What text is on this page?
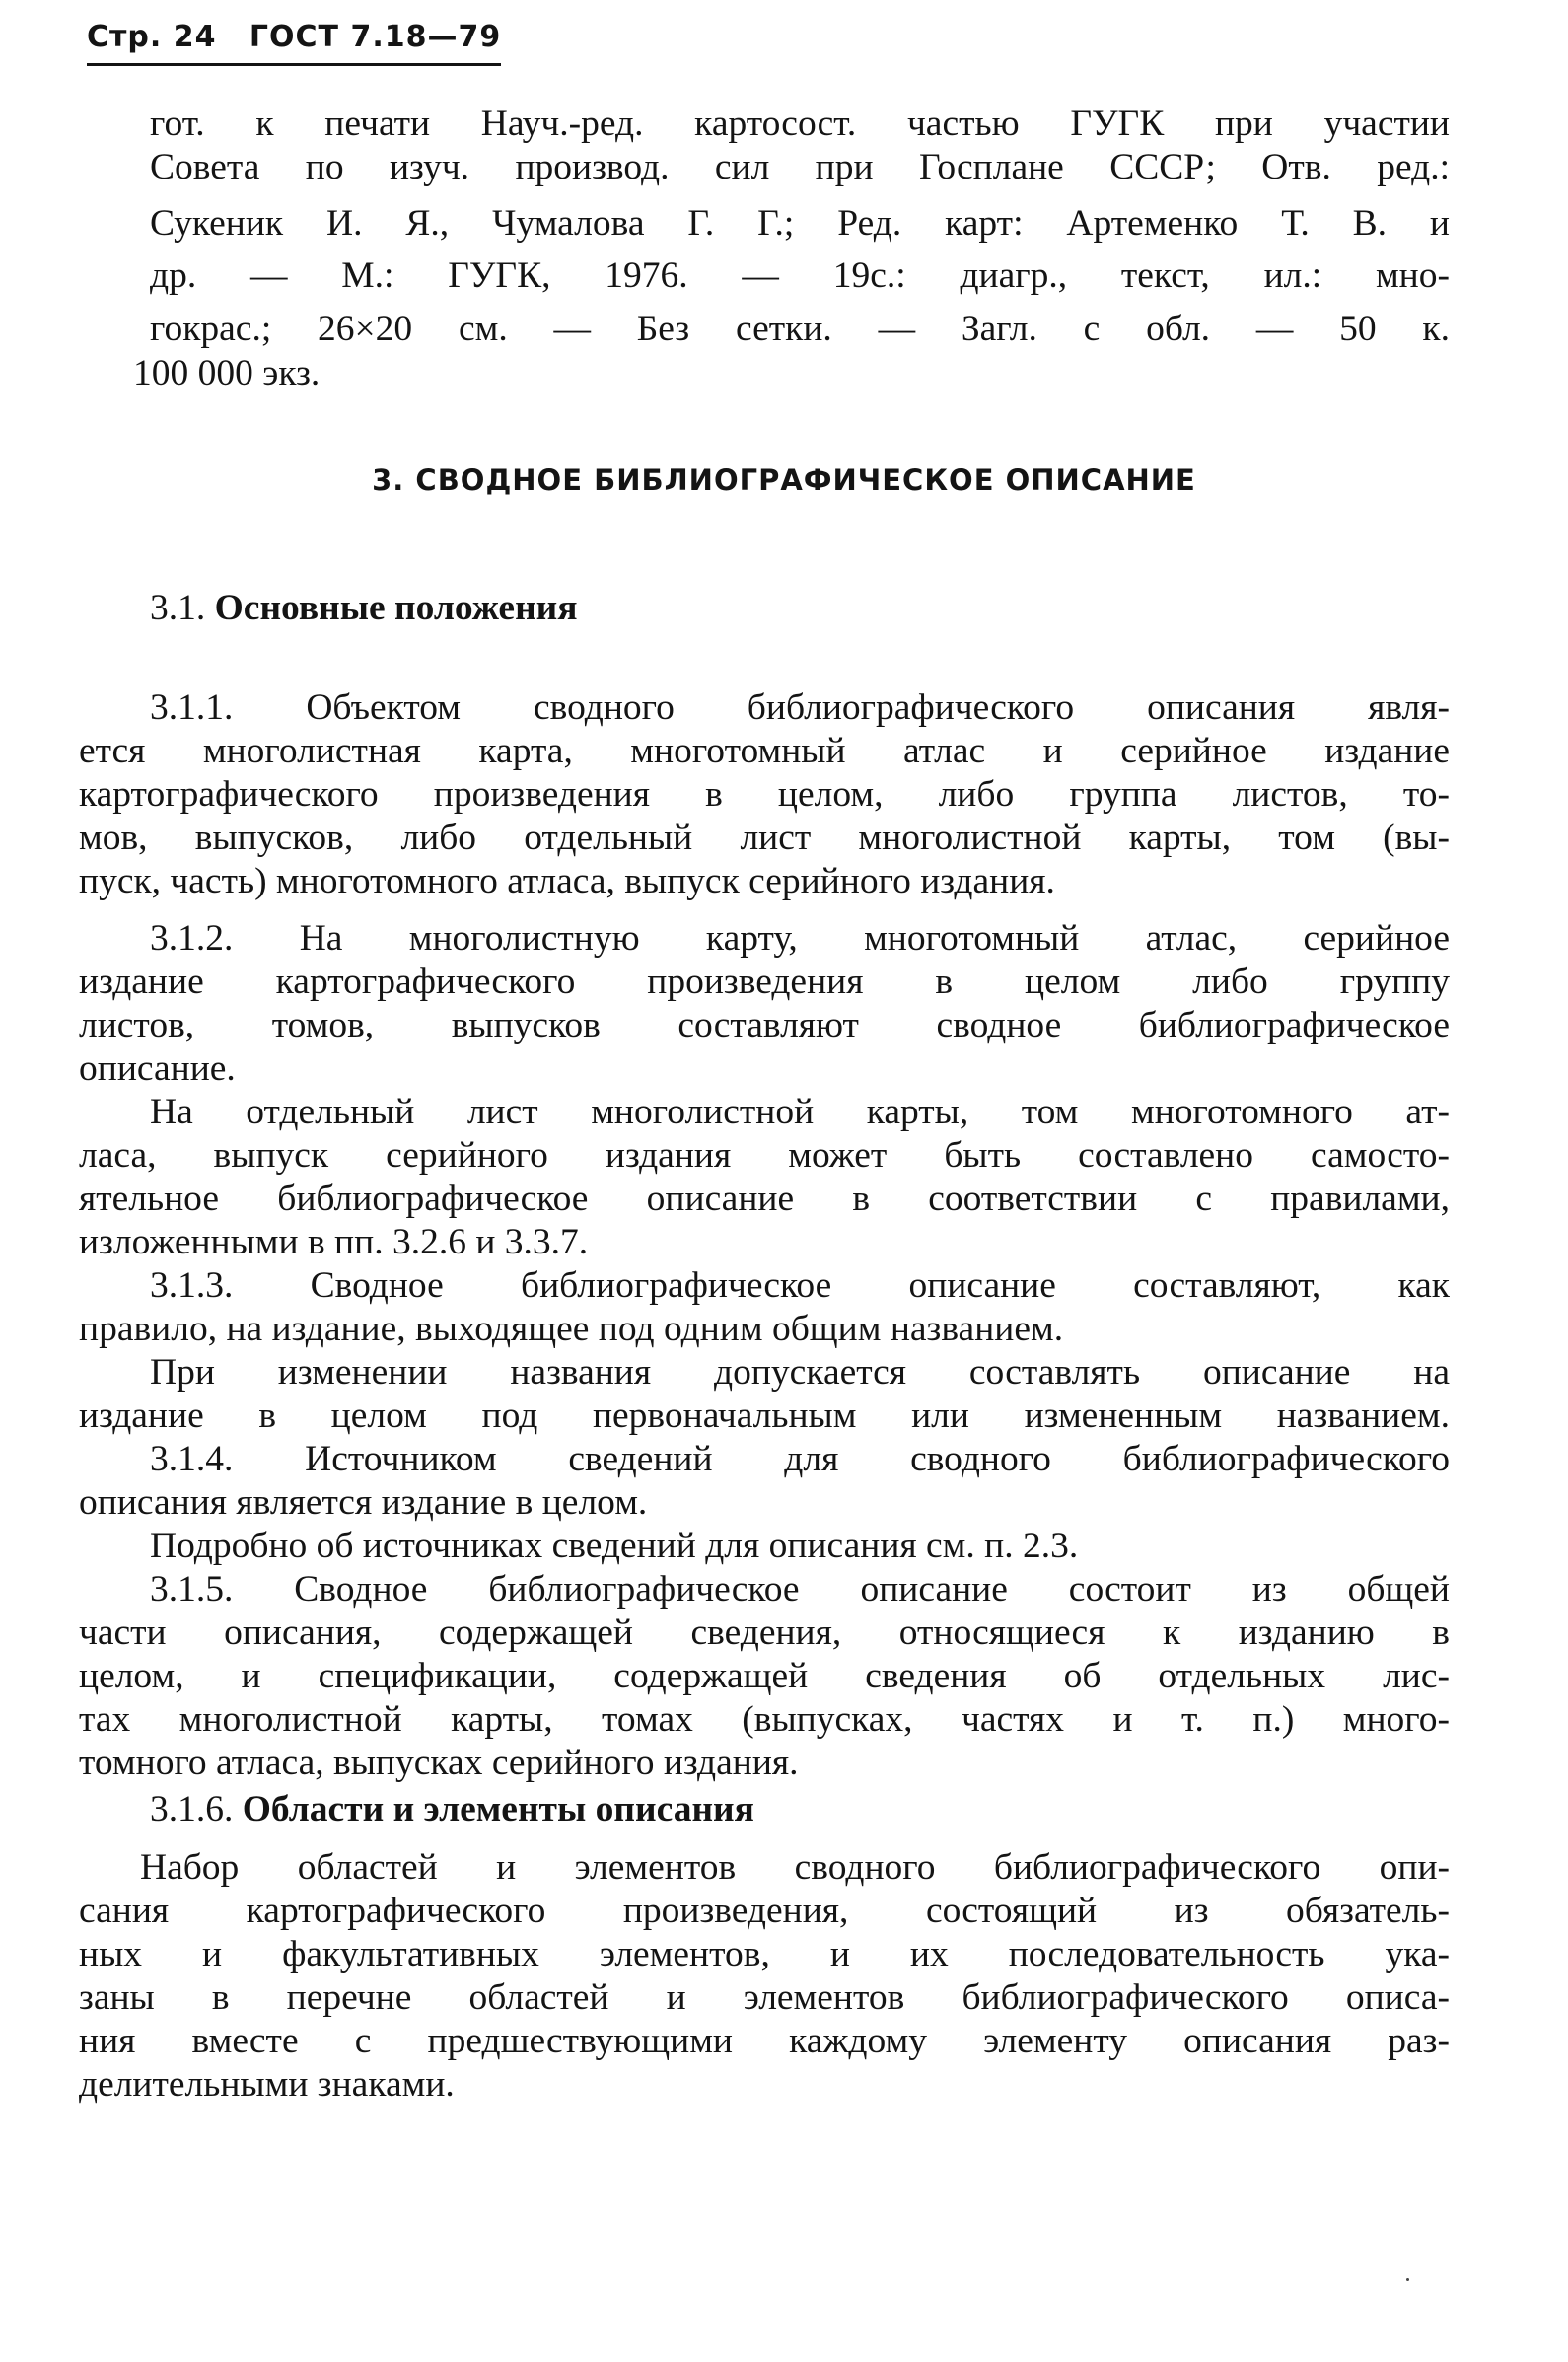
Стр. 24 ГОСТ 7.18—79
гот. к печати Науч.-ред. картосост. частью ГУГК при участии
Совета по изуч. производ. сил при Госплане СССР; Отв. ред.:
Сукеник И. Я., Чумалова Г. Г.; Ред. карт: Артеменко Т. В. и
др. — М.: ГУГК, 1976. — 19с.: диагр., текст, ил.: мно-
гокрас.; 26×20 см. — Без сетки. — Загл. с обл. — 50 к.
100 000 экз.
3. СВОДНОЕ БИБЛИОГРАФИЧЕСКОЕ ОПИСАНИЕ
3.1. Основные положения
3.1.1. Объектом сводного библиографического описания явля-
ется многолистная карта, многотомный атлас и серийное издание
картографического произведения в целом, либо группа листов, то-
мов, выпусков, либо отдельный лист многолистной карты, том (вы-
пуск, часть) многотомного атласа, выпуск серийного издания.
3.1.2. На многолистную карту, многотомный атлас, серийное
издание картографического произведения в целом либо группу
листов, томов, выпусков составляют сводное библиографическое
описание.
На отдельный лист многолистной карты, том многотомного ат-
ласа, выпуск серийного издания может быть составлено самосто-
ятельное библиографическое описание в соответствии с правилами,
изложенными в пп. 3.2.6 и 3.3.7.
3.1.3. Сводное библиографическое описание составляют, как
правило, на издание, выходящее под одним общим названием.
При изменении названия допускается составлять описание на
издание в целом под первоначальным или измененным названием.
3.1.4. Источником сведений для сводного библиографического
описания является издание в целом.
Подробно об источниках сведений для описания см. п. 2.3.
3.1.5. Сводное библиографическое описание состоит из общей
части описания, содержащей сведения, относящиеся к изданию в
целом, и спецификации, содержащей сведения об отдельных лис-
тах многолистной карты, томах (выпусках, частях и т. п.) много-
томного атласа, выпусках серийного издания.
3.1.6. Области и элементы описания
Набор областей и элементов сводного библиографического опи-
сания картографического произведения, состоящий из обязатель-
ных и факультативных элементов, и их последовательность ука-
заны в перечне областей и элементов библиографического описа-
ния вместе с предшествующими каждому элементу описания раз-
делительными знаками.
